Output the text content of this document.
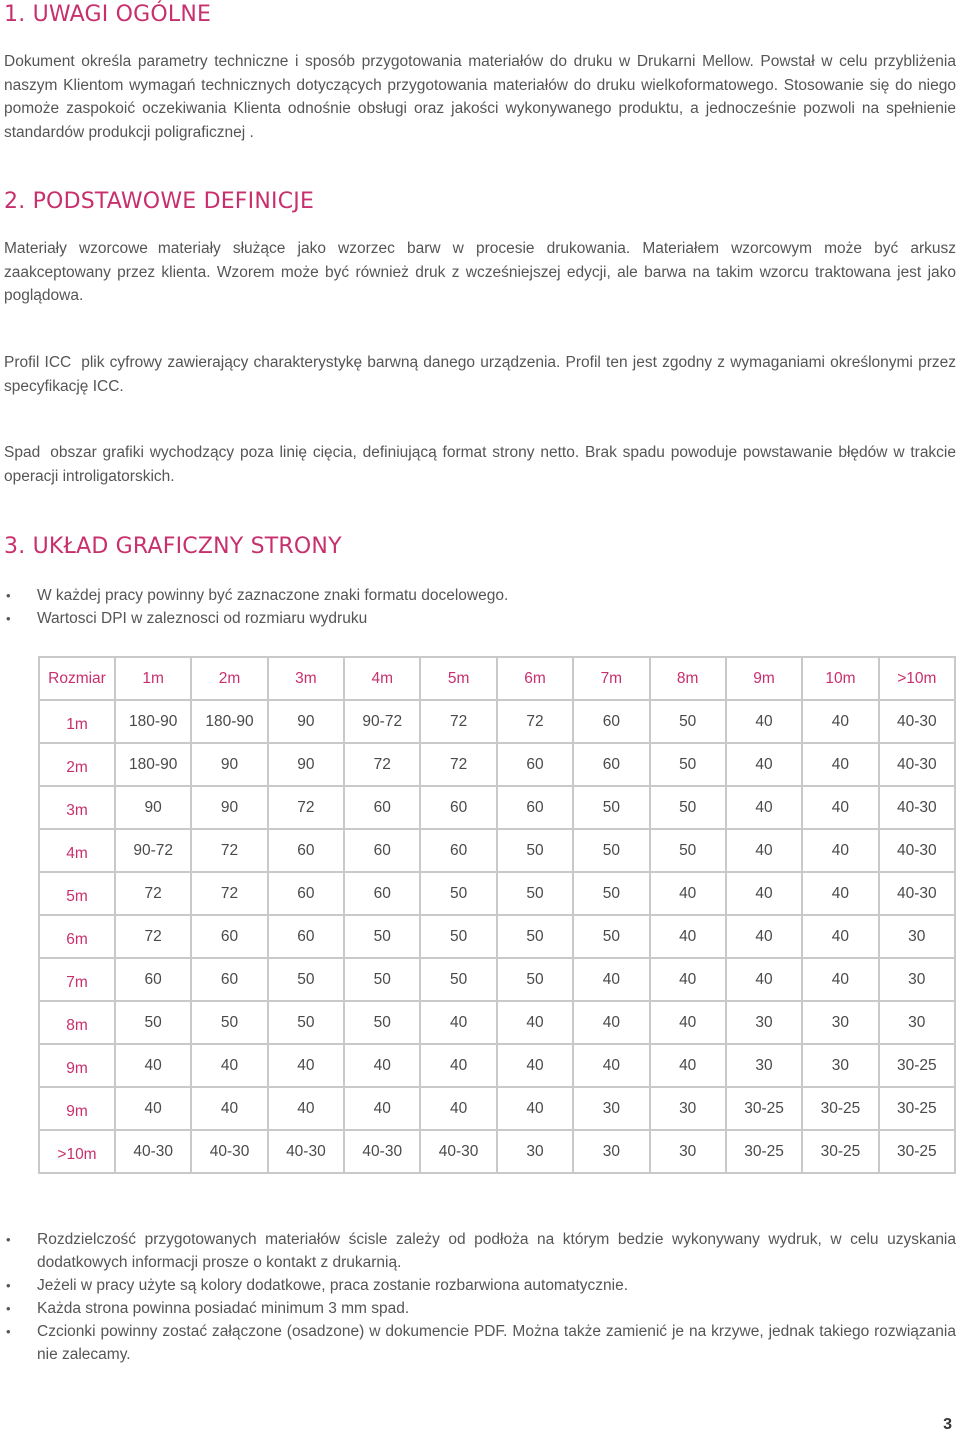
1. UWAGI OGÓLNE

Dokument określa parametry techniczne i sposób przygotowania materiałów do druku w Drukarni Mellow. Powstał w celu przybliżenia naszym Klientom wymagań technicznych dotyczących przygotowania materiałów do druku wielkoformatowego. Stosowanie się do niego pomoże zaspokoić oczekiwania Klienta odnośnie obsługi oraz jakości wykonywanego produktu, a jednocześnie pozwoli na spełnienie standardów produkcji poligraficznej .

2. PODSTAWOWE DEFINICJE

Materiały wzorcowe materiały służące jako wzorzec barw w procesie drukowania. Materiałem wzorcowym może być arkusz zaakceptowany przez klienta. Wzorem może być również druk z wcześniejszej edycji, ale barwa na takim wzorcu traktowana jest jako poglądowa.

Profil ICC plik cyfrowy zawierający charakterystykę barwną danego urządzenia. Profil ten jest zgodny z wymaganiami określonymi przez specyfikację ICC.

Spad obszar grafiki wychodzący poza linię cięcia, definiującą format strony netto. Brak spadu powoduje powstawanie błędów w trakcie operacji introligatorskich.

3. UKŁAD GRAFICZNY STRONY
• W każdej pracy powinny być zaznaczone znaki formatu docelowego.
• Wartosci DPI w zaleznosci od rozmiaru wydruku
Rozmiar	1m	2m	3m	4m	5m	6m	7m	8m	9m	10m	>10m
1m	180-90	180-90	90	90-72	72	72	60	50	40	40	40-30
2m	180-90	90	90	72	72	60	60	50	40	40	40-30
3m	90	90	72	60	60	60	50	50	40	40	40-30
4m	90-72	72	60	60	60	50	50	50	40	40	40-30
5m	72	72	60	60	50	50	50	40	40	40	40-30
6m	72	60	60	50	50	50	50	40	40	40	30
7m	60	60	50	50	50	50	40	40	40	40	30
8m	50	50	50	50	40	40	40	40	30	30	30
9m	40	40	40	40	40	40	40	40	30	30	30-25
9m	40	40	40	40	40	40	30	30	30-25	30-25	30-25
>10m	40-30	40-30	40-30	40-30	40-30	30	30	30	30-25	30-25	30-25
• Rozdzielczość przygotowanych materiałów ścisle zależy od podłoża na którym bedzie wykonywany wydruk, w celu uzyskania dodatkowych informacji prosze o kontakt z drukarnią.
• Jeżeli w pracy użyte są kolory dodatkowe, praca zostanie rozbarwiona automatycznie.
• Każda strona powinna posiadać minimum 3 mm spad.
• Czcionki powinny zostać załączone (osadzone) w dokumencie PDF. Można także zamienić je na krzywe, jednak takiego rozwiązania nie zalecamy.
3
